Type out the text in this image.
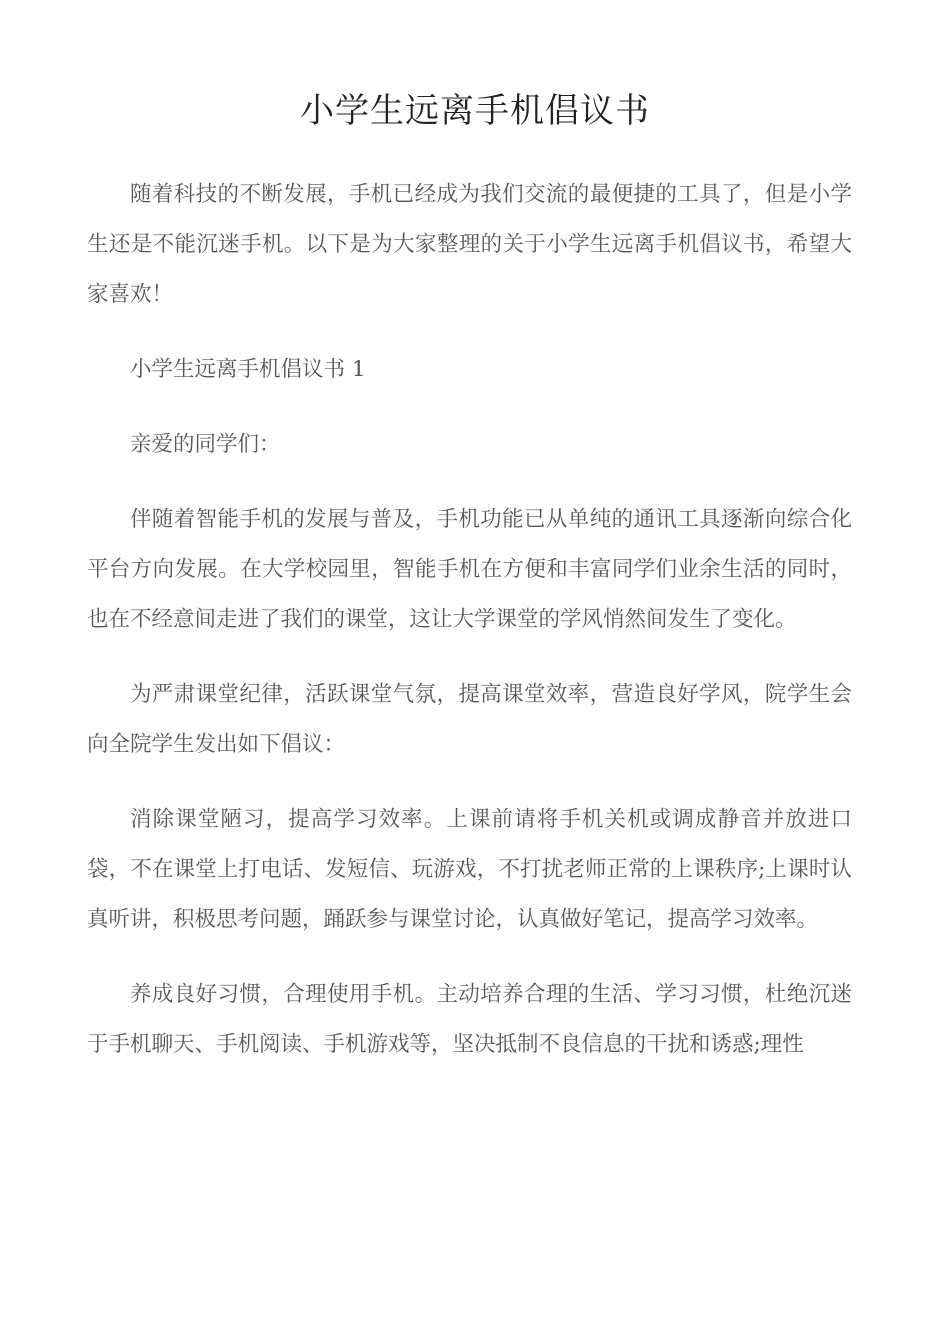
小学生远离手机倡议书

随着科技的不断发展，手机已经成为我们交流的最便捷的工具了，但是小学生还是不能沉迷手机。以下是为大家整理的关于小学生远离手机倡议书，希望大家喜欢！

小学生远离手机倡议书 1

亲爱的同学们：

伴随着智能手机的发展与普及，手机功能已从单纯的通讯工具逐渐向综合化平台方向发展。在大学校园里，智能手机在方便和丰富同学们业余生活的同时，也在不经意间走进了我们的课堂，这让大学课堂的学风悄然间发生了变化。

为严肃课堂纪律，活跃课堂气氛，提高课堂效率，营造良好学风，院学生会向全院学生发出如下倡议：

消除课堂陋习，提高学习效率。上课前请将手机关机或调成静音并放进口袋，不在课堂上打电话、发短信、玩游戏，不打扰老师正常的上课秩序;上课时认真听讲，积极思考问题，踊跃参与课堂讨论，认真做好笔记，提高学习效率。

养成良好习惯，合理使用手机。主动培养合理的生活、学习习惯，杜绝沉迷于手机聊天、手机阅读、手机游戏等，坚决抵制不良信息的干扰和诱惑;理性
